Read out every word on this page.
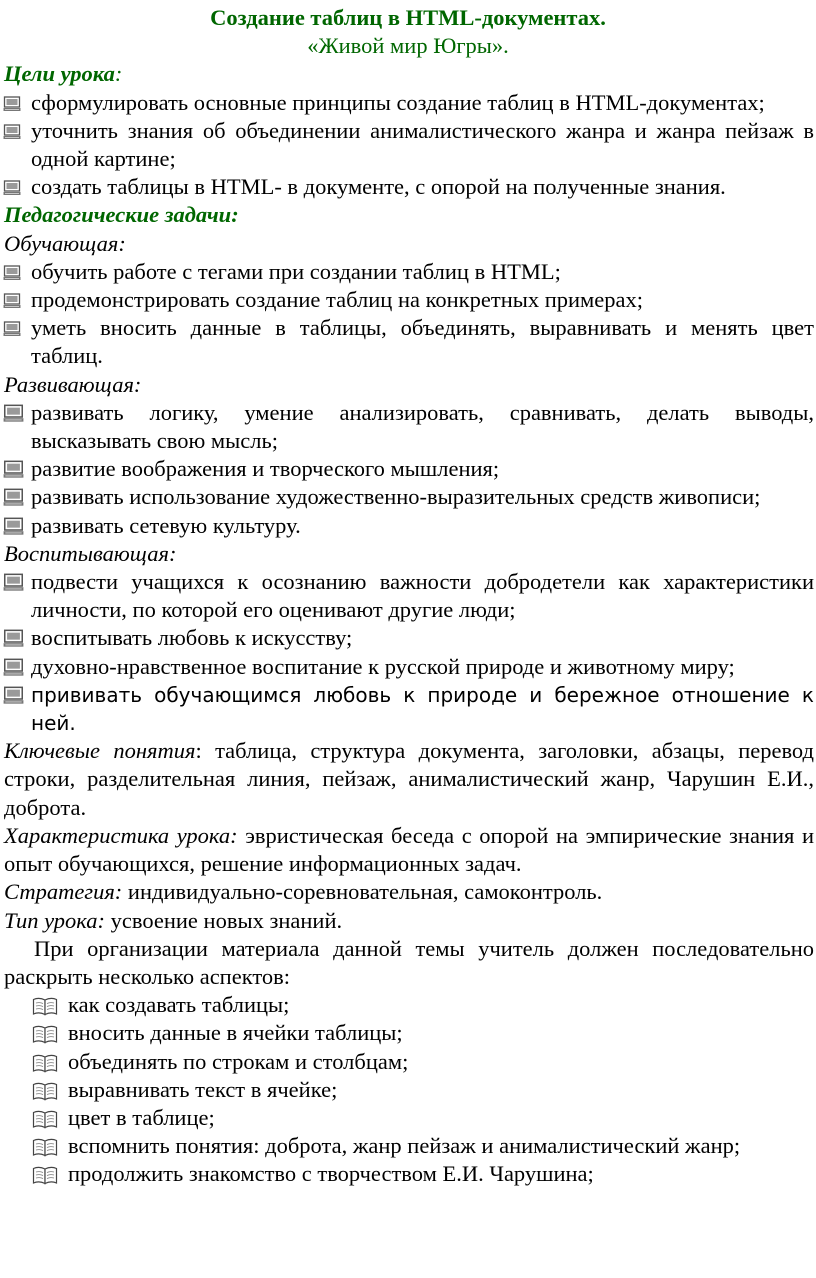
Создание таблиц в HTML-документах.
«Живой мир Югры».
Цели урока:
сформулировать основные принципы создание таблиц в HTML-документах;
уточнить знания об объединении анималистического жанра и жанра пейзаж в одной картине;
создать таблицы в HTML- в документе, с опорой на полученные знания.
Педагогические задачи:
Обучающая:
обучить работе с тегами при создании таблиц в HTML;
продемонстрировать создание таблиц на конкретных примерах;
уметь вносить данные в таблицы, объединять, выравнивать и менять цвет таблиц.
Развивающая:
развивать логику, умение анализировать, сравнивать, делать выводы, высказывать свою мысль;
развитие воображения и творческого мышления;
развивать использование художественно-выразительных средств живописи;
развивать сетевую культуру.
Воспитывающая:
подвести учащихся к осознанию важности добродетели как характеристики личности, по которой его оценивают другие люди;
воспитывать любовь к искусству;
духовно-нравственное воспитание к русской природе и животному миру;
прививать обучающимся любовь к природе и бережное отношение к ней.

Ключевые понятия: таблица, структура документа, заголовки, абзацы, перевод строки, разделительная линия, пейзаж, анималистический жанр, Чарушин Е.И., доброта.

Характеристика урока: эвристическая беседа с опорой на эмпирические знания и опыт обучающихся, решение информационных задач.

Стратегия: индивидуально-соревновательная, самоконтроль.

Тип урока: усвоение новых знаний.

При организации материала данной темы учитель должен последовательно раскрыть несколько аспектов:

как создавать таблицы;
вносить данные в ячейки таблицы;
объединять по строкам и столбцам;
выравнивать текст в ячейке;
цвет в таблице;
вспомнить понятия: доброта, жанр пейзаж и анималистический жанр;
продолжить знакомство с творчеством Е.И. Чарушина;
